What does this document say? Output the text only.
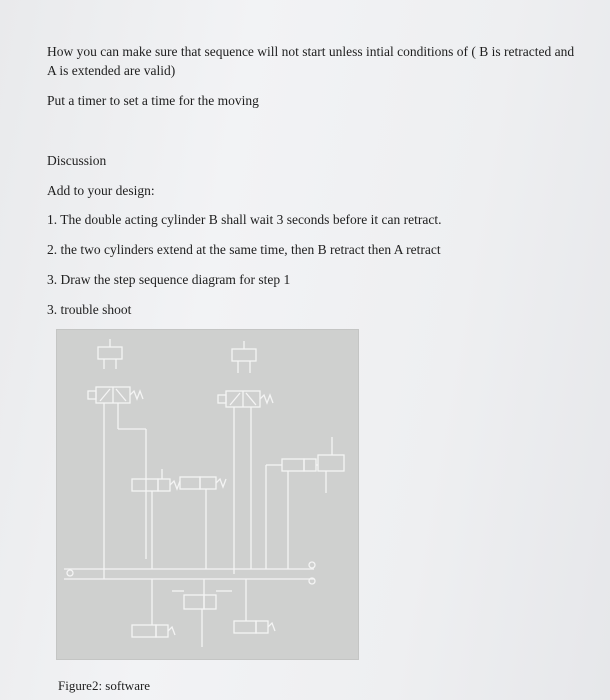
How you can make sure that sequence will not start unless intial conditions of ( B is retracted and
A is extended are valid)
Put a timer to set a time for the moving
Discussion
Add to your design:
1. The double acting cylinder B shall wait 3 seconds before it can retract.
2. the two cylinders extend at the same time, then B retract then A retract
3. Draw the step sequence diagram for step 1
3. trouble shoot
Figure2: software
